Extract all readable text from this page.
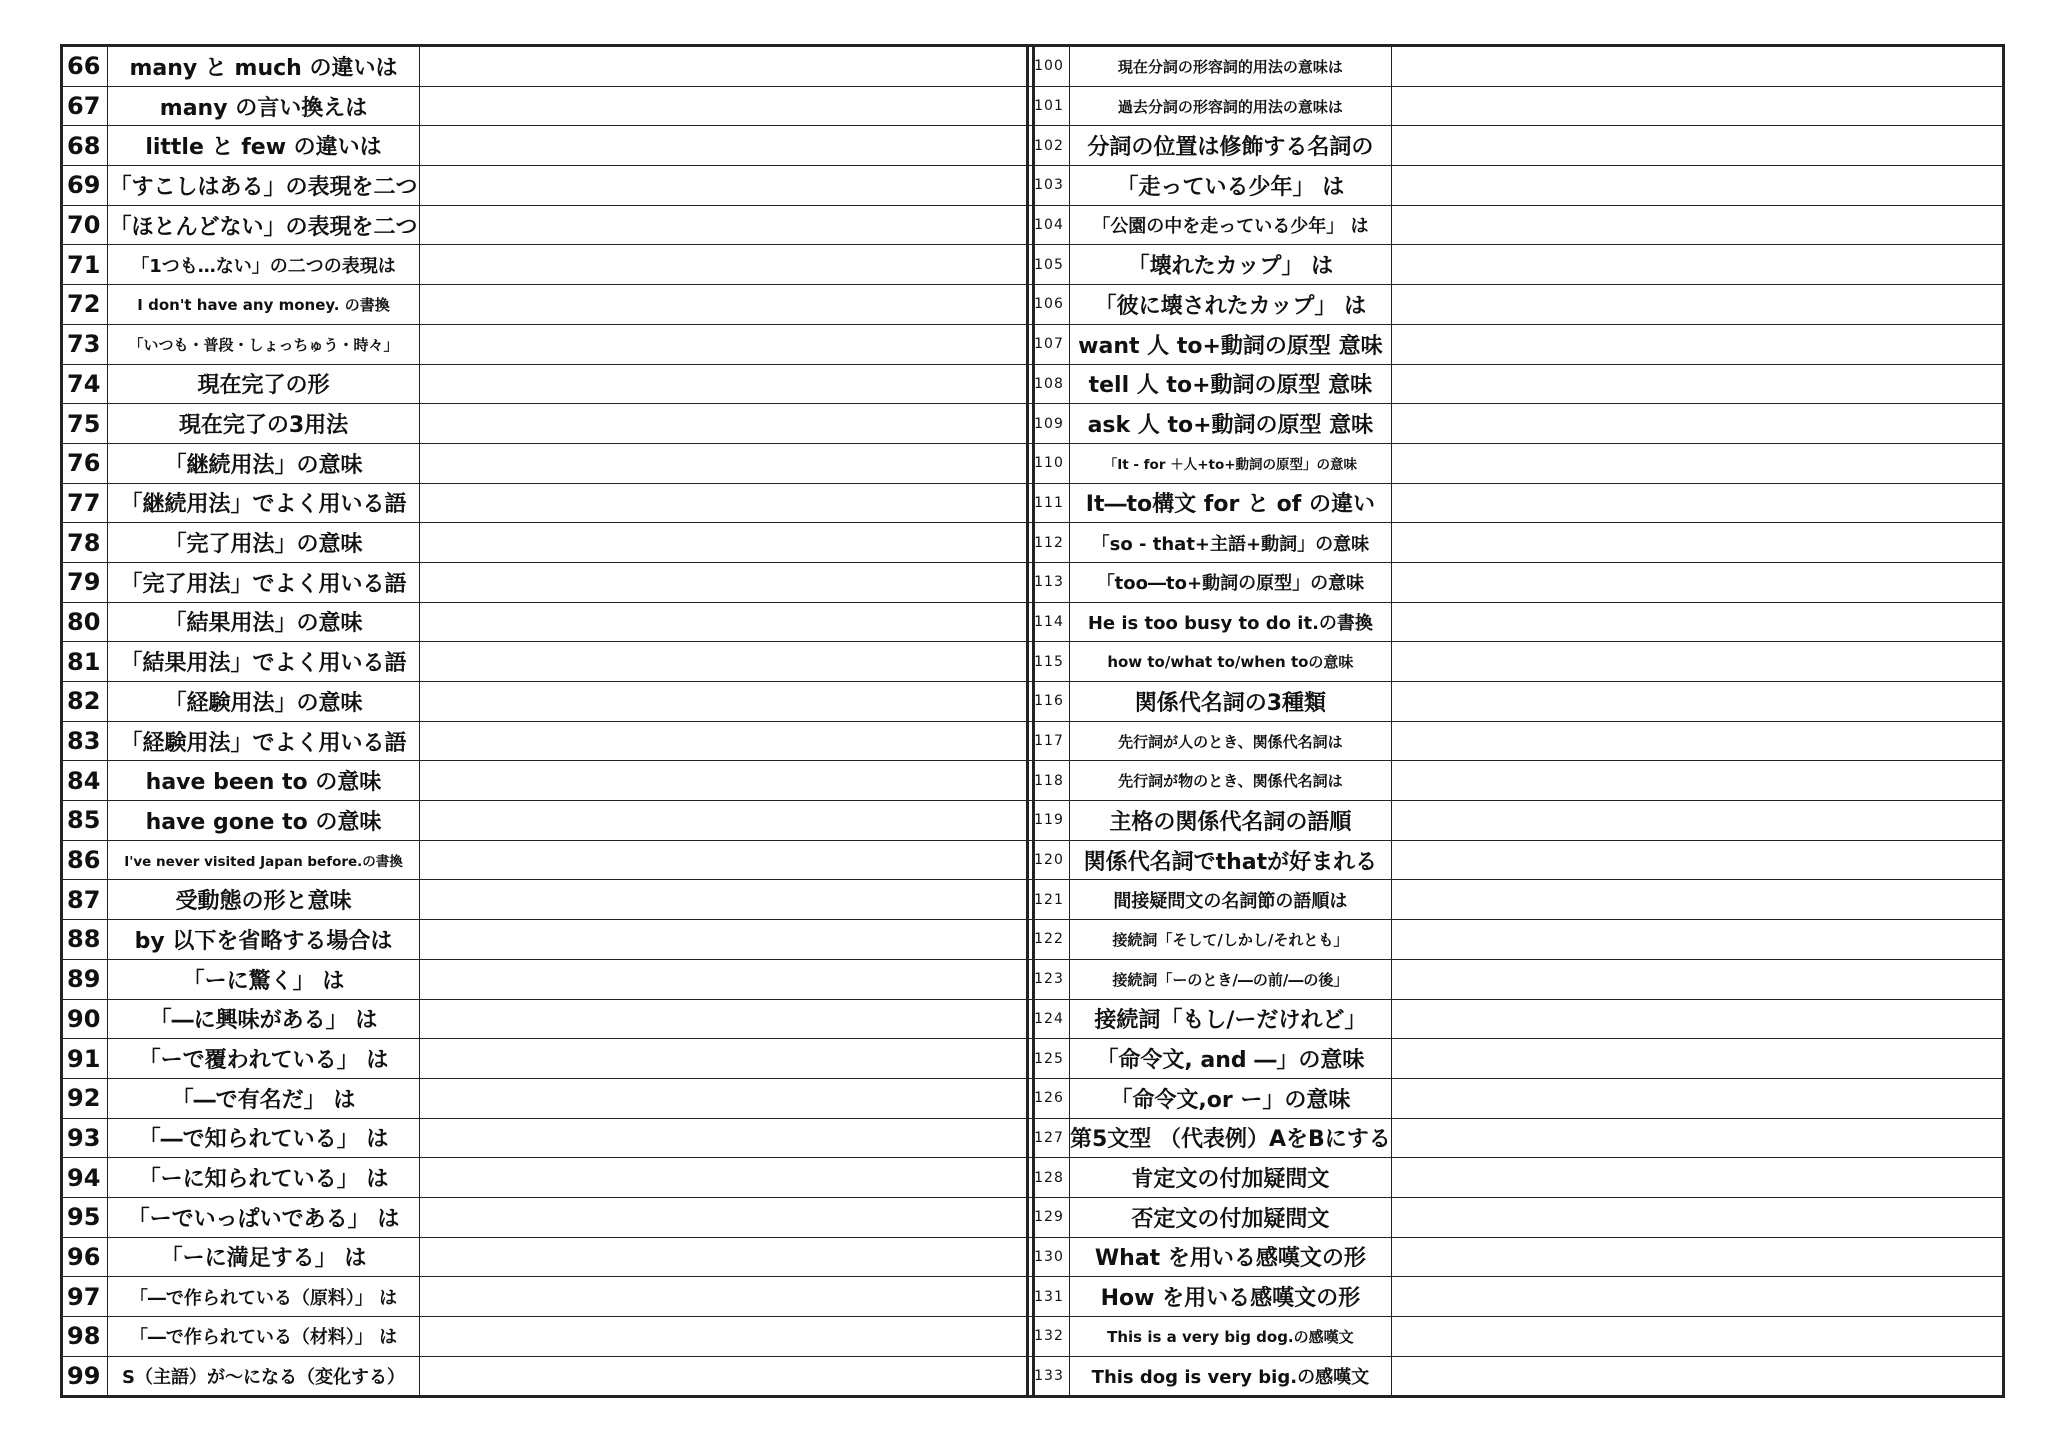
66	many と much の違いは	

67	many の言い換えは	

68	little と few の違いは	

69	「すこしはある」の表現を二つ	

70	「ほとんどない」の表現を二つ	

71	「1つも…ない」の二つの表現は	

72	I don't have any money. の書換	

73	「いつも・普段・しょっちゅう・時々」	

74	現在完了の形	

75	現在完了の3用法	

76	「継続用法」の意味	

77	「継続用法」でよく用いる語	

78	「完了用法」の意味	

79	「完了用法」でよく用いる語	

80	「結果用法」の意味	

81	「結果用法」でよく用いる語	

82	「経験用法」の意味	

83	「経験用法」でよく用いる語	

84	have been to の意味	

85	have gone to の意味	

86	I've never visited Japan before.の書換	

87	受動態の形と意味	

88	by 以下を省略する場合は	

89	「ーに驚く」 は	

90	「―に興味がある」 は	

91	「ーで覆われている」 は	

92	「―で有名だ」 は	

93	「―で知られている」 は	

94	「ーに知られている」 は	

95	「ーでいっぱいである」 は	

96	「ーに満足する」 は	

97	「―で作られている（原料）」 は	

98	「―で作られている（材料）」 は	

99	S（主語）が～になる（変化する）	

100	現在分詞の形容詞的用法の意味は	

101	過去分詞の形容詞的用法の意味は	

102	分詞の位置は修飾する名詞の	

103	「走っている少年」 は	

104	「公園の中を走っている少年」 は	

105	「壊れたカップ」 は	

106	「彼に壊されたカップ」 は	

107	want 人 to+動詞の原型 意味	

108	tell 人 to+動詞の原型 意味	

109	ask 人 to+動詞の原型 意味	

110	「It - for ＋人+to+動詞の原型」の意味	

111	It―to構文 for と of の違い	

112	「so - that+主語+動詞」の意味	

113	「too―to+動詞の原型」の意味	

114	He is too busy to do it.の書換	

115	how to/what to/when toの意味	

116	関係代名詞の3種類	

117	先行詞が人のとき、関係代名詞は	

118	先行詞が物のとき、関係代名詞は	

119	主格の関係代名詞の語順	

120	関係代名詞でthatが好まれる	

121	間接疑問文の名詞節の語順は	

122	接続詞「そして/しかし/それとも」	

123	接続詞「ーのとき/―の前/―の後」	

124	接続詞「もし/ーだけれど」	

125	「命令文, and ―」の意味	

126	「命令文,or ー」の意味	

127	第5文型 （代表例）AをBにする	

128	肯定文の付加疑問文	

129	否定文の付加疑問文	

130	What を用いる感嘆文の形	

131	How を用いる感嘆文の形	

132	This is a very big dog.の感嘆文	

133	This dog is very big.の感嘆文	
